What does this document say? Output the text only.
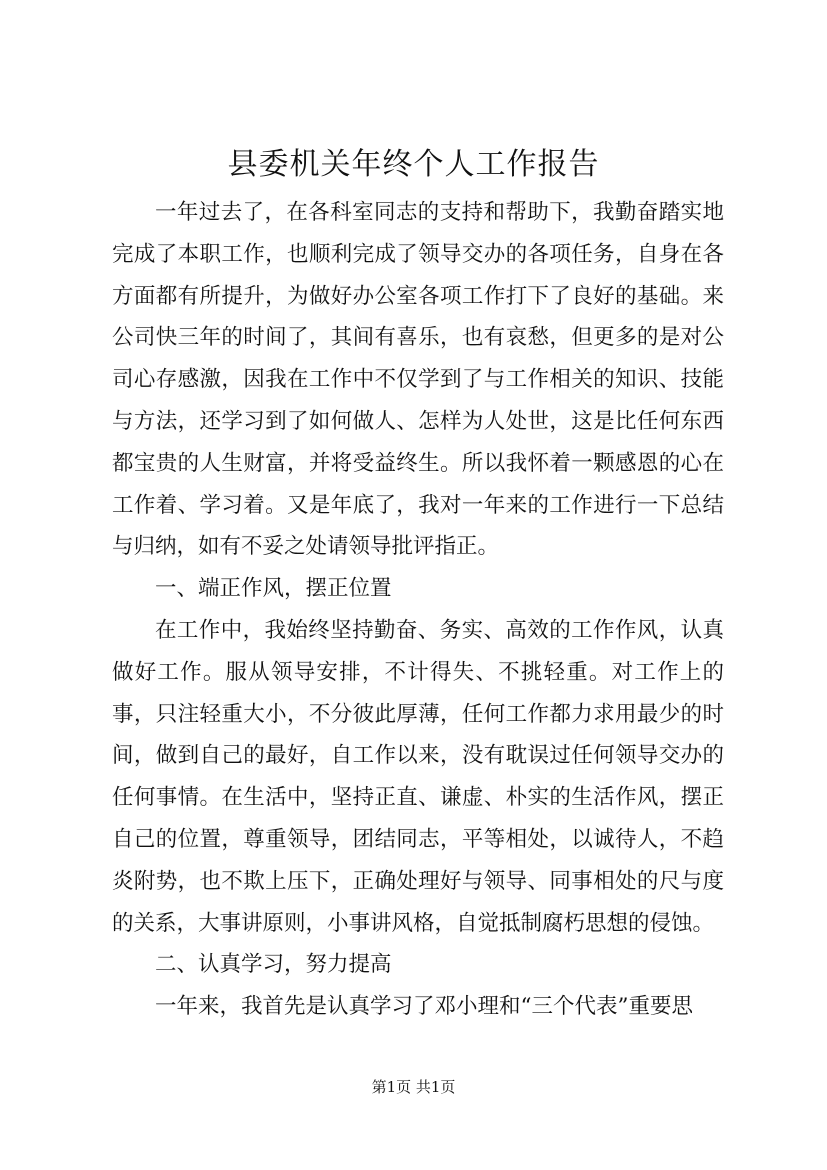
县委机关年终个人工作报告

一年过去了，在各科室同志的支持和帮助下，我勤奋踏实地完成了本职工作，也顺利完成了领导交办的各项任务，自身在各方面都有所提升，为做好办公室各项工作打下了良好的基础。来公司快三年的时间了，其间有喜乐，也有哀愁，但更多的是对公司心存感激，因我在工作中不仅学到了与工作相关的知识、技能与方法，还学习到了如何做人、怎样为人处世，这是比任何东西都宝贵的人生财富，并将受益终生。所以我怀着一颗感恩的心在工作着、学习着。又是年底了，我对一年来的工作进行一下总结与归纳，如有不妥之处请领导批评指正。

一、端正作风，摆正位置

在工作中，我始终坚持勤奋、务实、高效的工作作风，认真做好工作。服从领导安排，不计得失、不挑轻重。对工作上的事，只注轻重大小，不分彼此厚薄，任何工作都力求用最少的时间，做到自己的最好，自工作以来，没有耽误过任何领导交办的任何事情。在生活中，坚持正直、谦虚、朴实的生活作风，摆正自己的位置，尊重领导，团结同志，平等相处，以诚待人，不趋炎附势，也不欺上压下，正确处理好与领导、同事相处的尺与度的关系，大事讲原则，小事讲风格，自觉抵制腐朽思想的侵蚀。

二、认真学习，努力提高

一年来，我首先是认真学习了邓小理和“三个代表”重要思

第1页 共1页
